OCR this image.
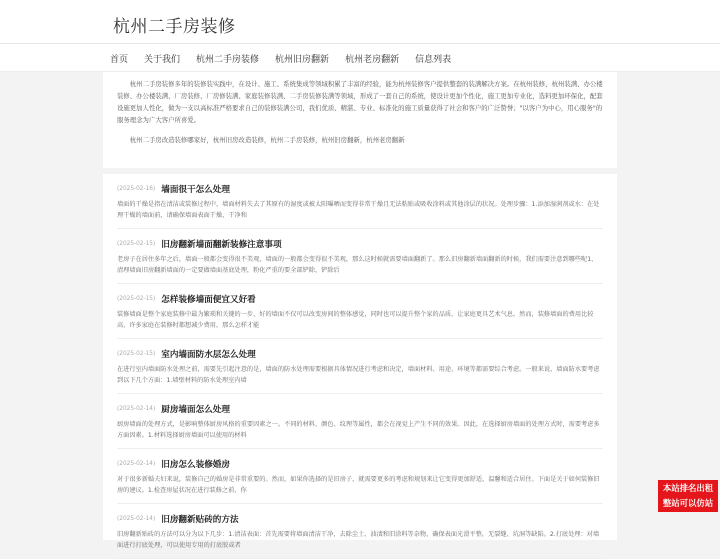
杭州二手房装修
首页 关于我们 杭州二手房装修 杭州旧房翻新 杭州老房翻新 信息列表

杭州二手房装修多年的装修装实践中，在设计、施工、系统集成等领域积累了丰富的经验，能为杭州装修客户提供整套的装满解决方案。在杭州装修、杭州装满、办公楼装修、办公楼装满、厂房装修、厂房修装满、家庭装修装满、二手房装修装满等领域，形成了一套自己的系统，使设计更加个性化，施工更加专业化，选料更加环保化，配套设施更加人性化，做为一支以高标准严格要求自己的装修装满公司，我们优质、精湛、专业、标准化的施工质量获得了社会和客户的广泛赞誉；"以客户为中心，用心服务"的服务理念为广大客户所喜爱。

杭州二手房改造装修哪家好，杭州旧房改造装修，杭州二手房装修，杭州旧房翻新，杭州老房翻新

(2025-02-16) 墙面很干怎么处理
墙面的干燥是指在清洁或装修过程中，墙面材料失去了其原有的湿度或被太阳曝晒而变得非常干燥且无法粘贴或吸收涂料或其他涂层的状况。处理步骤：1.添加湿润剂或水：在处理干燥的墙面前，请确保墙面表面干燥，干净和
(2025-02-15) 旧房翻新墙面翻新装修注意事项
老房子在居住多年之后，墙面一般都会变得很不美观，墙面的一般都会变得很不美观，那么这时候就需要墙面翻新了。那么旧房翻新墙面翻新的时候，我们需要注意到哪些呢1、清理墙面旧房翻新墙面的一定要做墙面基底处理，粉化严重的要全部铲除，铲除后
(2025-02-15) 怎样装修墙面便宜又好看
装修墙面是整个家庭装修中最为繁琐和关键的一步，好的墙面不仅可以改变房间的整体感觉，同时也可以提升整个家的品质，让家庭更具艺术气息。然而，装修墙面的费用比较高，许多家庭在装修时都想减少费用，那么怎样才能
(2025-02-15) 室内墙面防水层怎么处理
在进行室内墙面防水处理之前，需要先引起注意的是，墙面的防水处理需要根据具体情况进行考虑和决定，墙面材料、用途、环境等都需要综合考虑。一般来说，墙面防水要考虑到以下几个方面：1.墙壁材料的防水处理室内墙
(2025-02-14) 厨房墙面怎么处理
厨房墙面的处理方式，是影响整体厨房风格的重要因素之一。不同的材料、颜色、纹理等属性，都会在视觉上产生不同的效果。因此，在选择厨房墙面的处理方式时，需要考虑多方面因素。1.材料选择厨房墙面可以使用的材料
(2025-02-14) 旧房怎么装修婚房
对于很多新婚夫妇来说，装修自己的婚房是非常重要的。然而，如果你选择的是旧房子，就需要更多的考虑和规划来让它变得更加舒适、温馨和适合居住。下面是关于如何装修旧房的建议。1.检查房屋状况在进行装修之前，你
(2025-02-14) 旧房翻新贴砖的方法
旧房翻新贴砖的方法可以分为以下几步：1.清洁表面：首先需要将墙面清洁干净，去除尘土、油渍和旧涂料等杂物，确保表面光滑平整，无裂缝、坑洞等缺陷。2.打底处理：对墙面进行打底处理，可以使用专用的打底胶或者
本站排名出租
整站可以仿站
